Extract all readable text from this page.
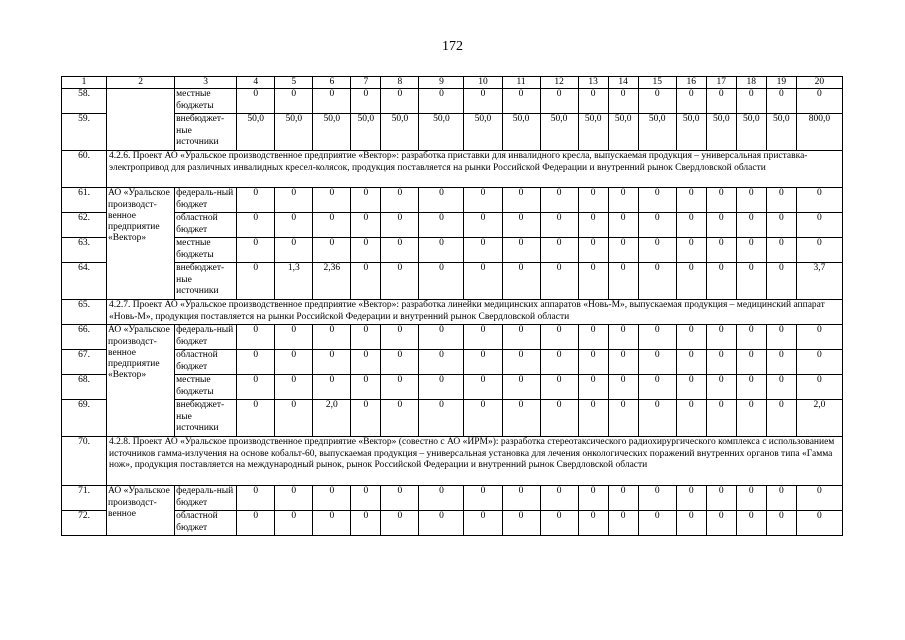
172
1	2	3	4	5	6	7	8	9	10	11	12	13	14	15	16	17	18	19	20
58.		местные бюджеты	0	0	0	0	0	0	0	0	0	0	0	0	0	0	0	0	0
59.		внебюджет-ные источники	50,0	50,0	50,0	50,0	50,0	50,0	50,0	50,0	50,0	50,0	50,0	50,0	50,0	50,0	50,0	50,0	800,0
60.	4.2.6. Проект АО «Уральское производственное предприятие «Вектор»: разработка приставки для инвалидного кресла, выпускаемая продукция – универсальная приставка-электропривод для различных инвалидных кресел-колясок, продукция поставляется на рынки Российской Федерации и внутренний рынок Свердловской области																		
61.	АО «Уральское производст-венное предприятие «Вектор»	федераль-ный бюджет	0	0	0	0	0	0	0	0	0	0	0	0	0	0	0	0	0
62.		областной бюджет	0	0	0	0	0	0	0	0	0	0	0	0	0	0	0	0	0
63.		местные бюджеты	0	0	0	0	0	0	0	0	0	0	0	0	0	0	0	0	0
64.		внебюджет-ные источники	0	1,3	2,36	0	0	0	0	0	0	0	0	0	0	0	0	0	3,7
65.	4.2.7. Проект АО «Уральское производственное предприятие «Вектор»: разработка линейки медицинских аппаратов «Новь-М», выпускаемая продукция – медицинский аппарат «Новь-М», продукция поставляется на рынки Российской Федерации и внутренний рынок Свердловской области																		
66.	АО «Уральское производст-венное предприятие «Вектор»	федераль-ный бюджет	0	0	0	0	0	0	0	0	0	0	0	0	0	0	0	0	0
67.		областной бюджет	0	0	0	0	0	0	0	0	0	0	0	0	0	0	0	0	0
68.		местные бюджеты	0	0	0	0	0	0	0	0	0	0	0	0	0	0	0	0	0
69.		внебюджет-ные источники	0	0	2,0	0	0	0	0	0	0	0	0	0	0	0	0	0	2,0
70.	4.2.8. Проект АО «Уральское производственное предприятие «Вектор» (совестно с АО «ИРМ»): разработка стереотаксического радиохирургического комплекса с использованием источников гамма-излучения на основе кобальт-60, выпускаемая продукция – универсальная установка для лечения онкологических поражений внутренних органов типа «Гамма нож», продукция поставляется на международный рынок, рынок Российской Федерации и внутренний рынок Свердловской области																		
71.	АО «Уральское производст-венное	федераль-ный бюджет	0	0	0	0	0	0	0	0	0	0	0	0	0	0	0	0	0
72.		областной бюджет	0	0	0	0	0	0	0	0	0	0	0	0	0	0	0	0	0
